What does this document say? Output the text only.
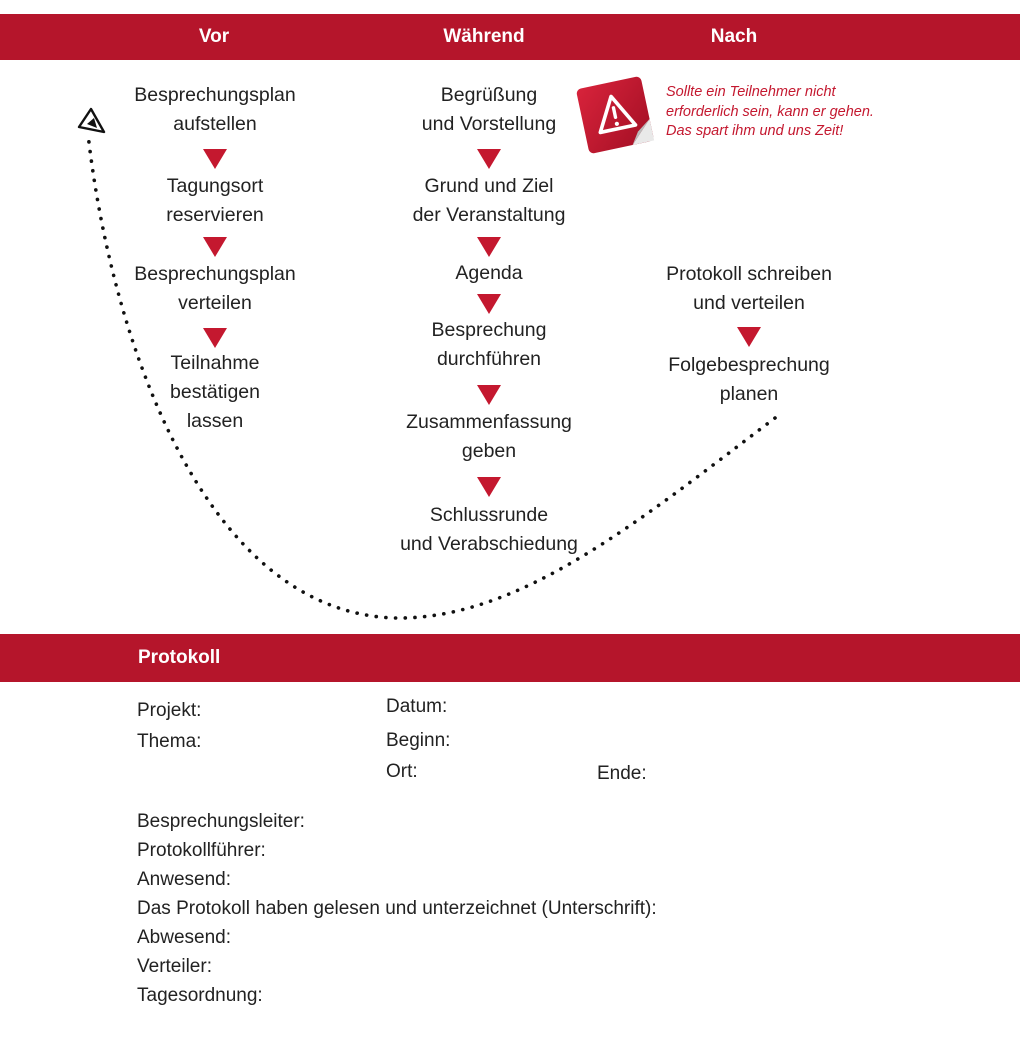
Vor	Während	Nach
Besprechungsplan
aufstellen
Tagungsort
reservieren
Besprechungsplan
verteilen
Teilnahme
bestätigen
lassen
Begrüßung
und Vorstellung
Grund und Ziel
der Veranstaltung
Agenda
Besprechung
durchführen
Zusammenfassung
geben
Schlussrunde
und Verabschiedung
Protokoll schreiben
und verteilen
Folgebesprechung
planen
Sollte ein Teilnehmer nicht
erforderlich sein, kann er gehen.
Das spart ihm und uns Zeit!
Protokoll
Projekt:
Thema:
Datum:
Beginn:
Ort:	Ende:
Besprechungsleiter:
Protokollführer:
Anwesend:
Das Protokoll haben gelesen und unterzeichnet (Unterschrift):
Abwesend:
Verteiler:
Tagesordnung:
